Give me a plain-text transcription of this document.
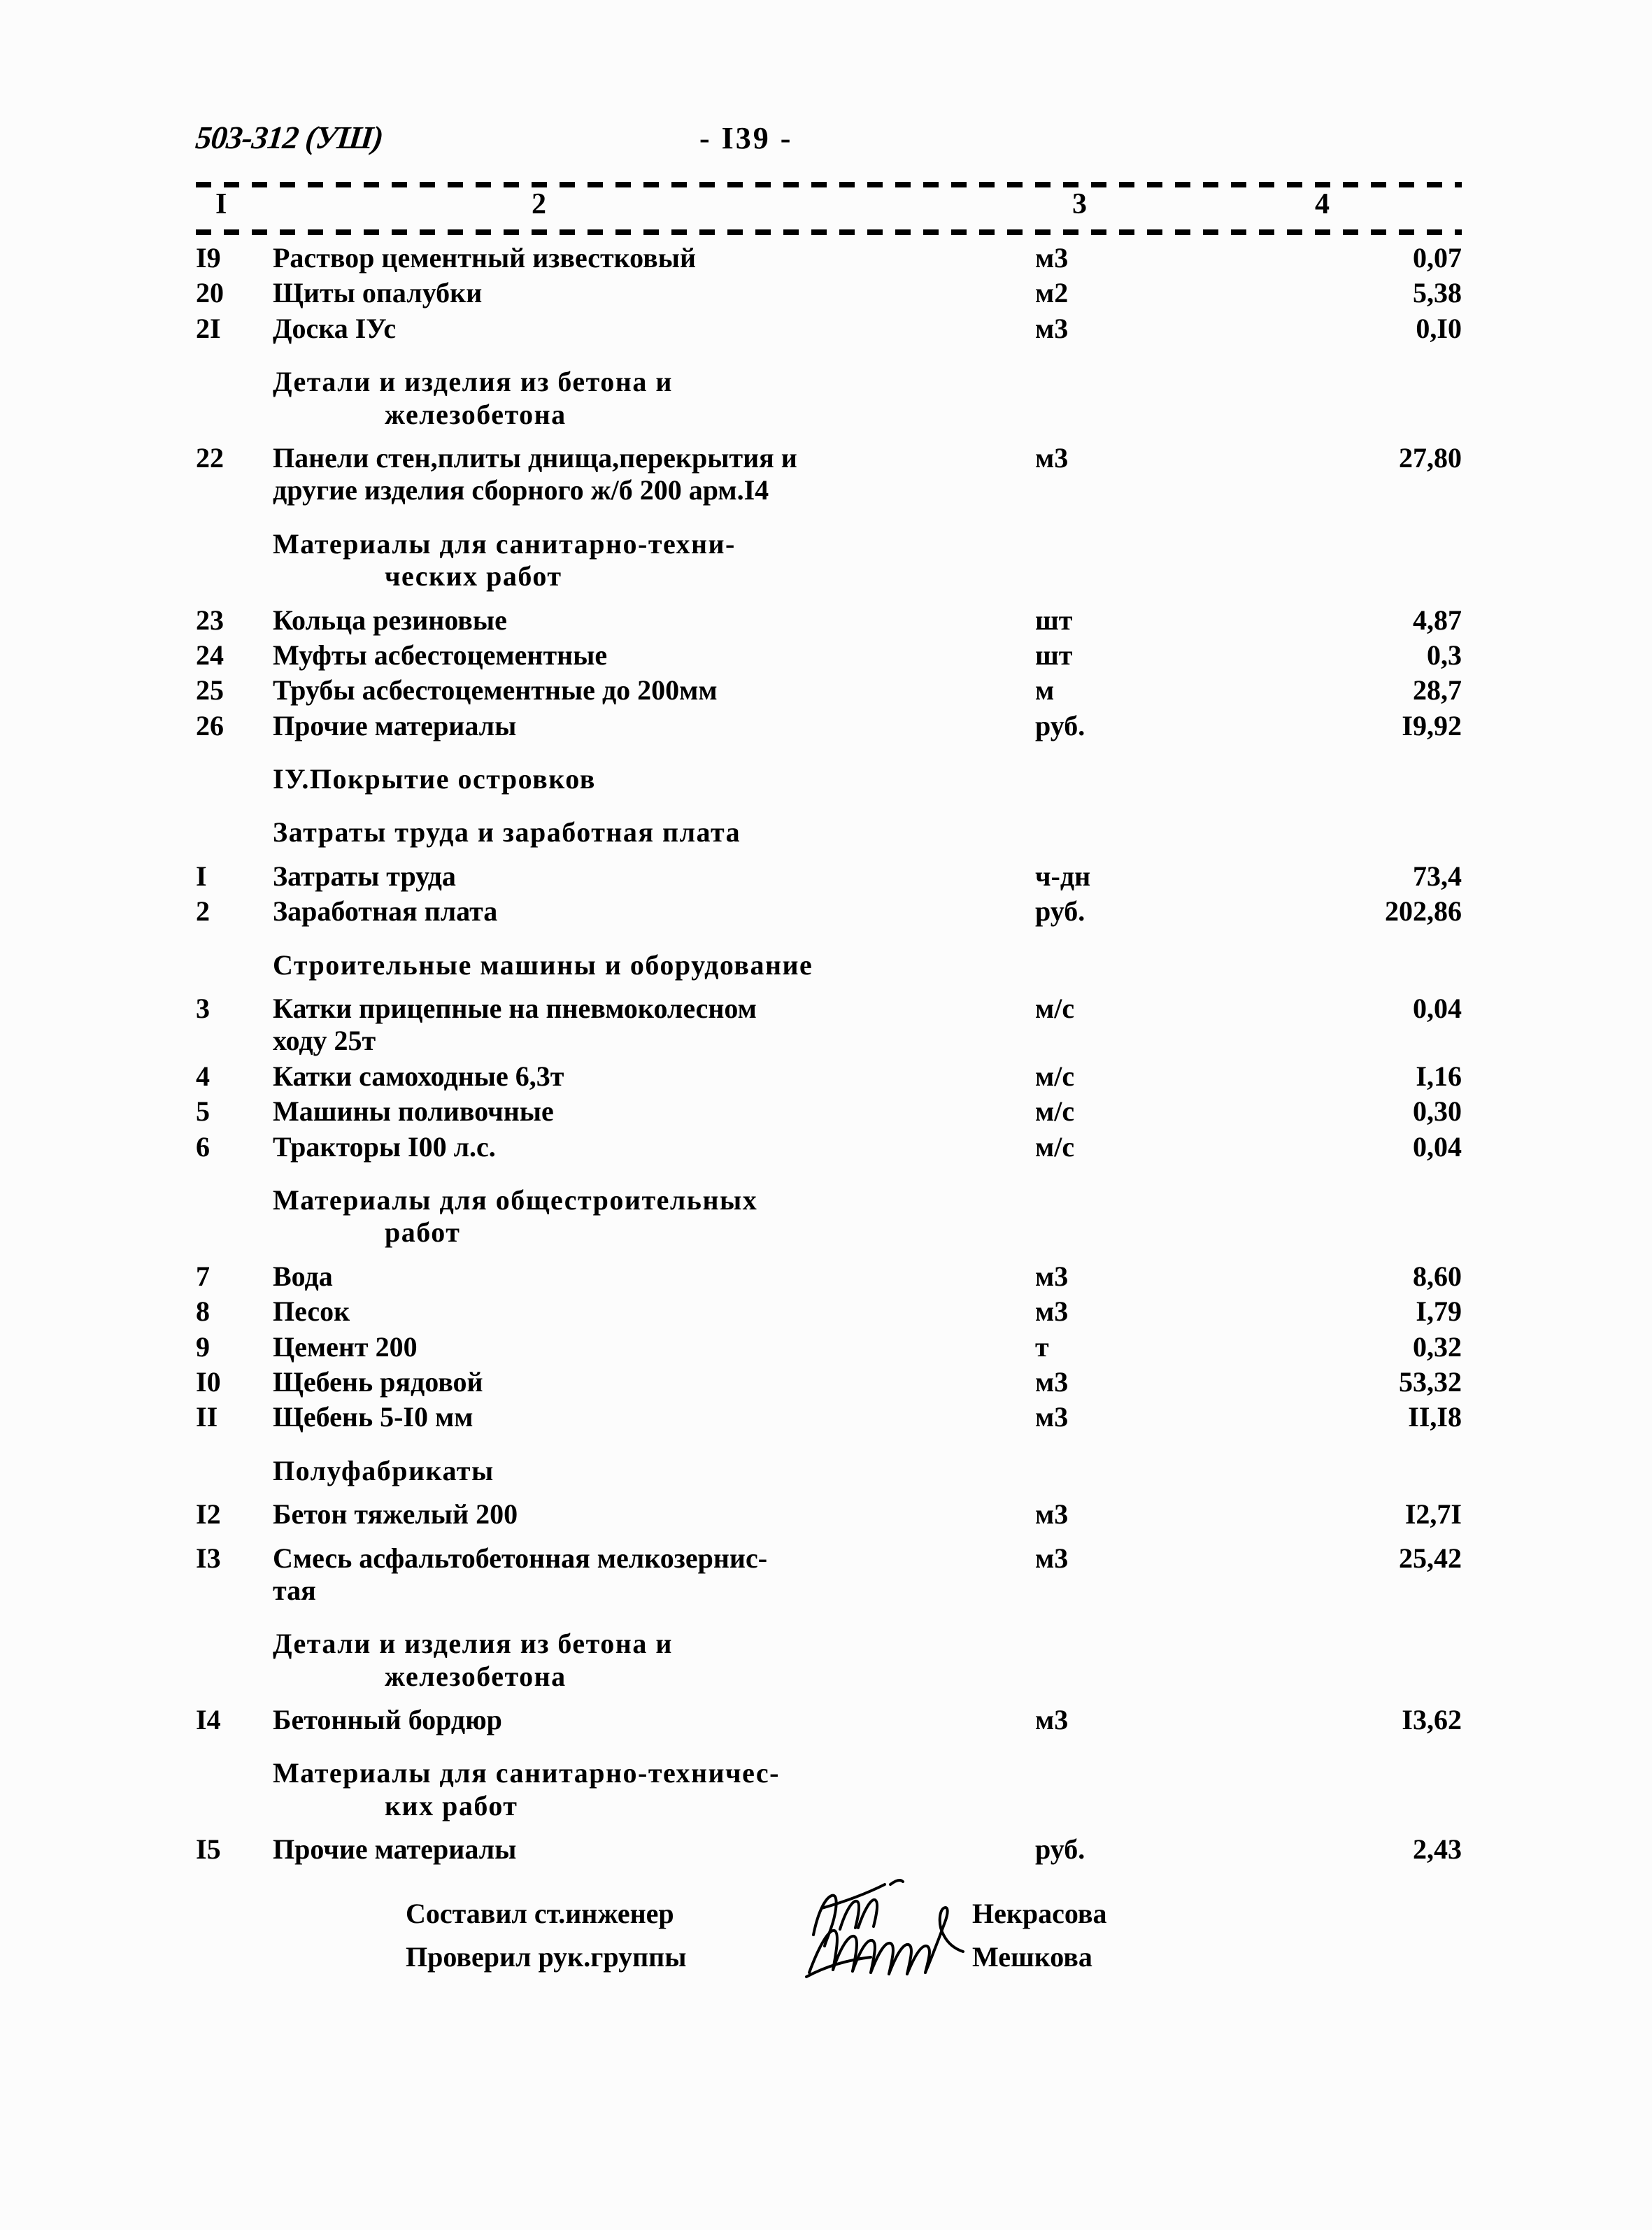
503-312 (УШ)	- I39 -
I	2	3	4
I9	Раствор цементный известковый	м3	0,07
20	Щиты опалубки	м2	5,38
2I	Доска IУс	м3	0,I0
	Детали и изделия из бетона и
железобетона		

22	Панели стен,плиты днища,перекрытия и
другие изделия сборного ж/б 200 арм.I4	м3	27,80
	Материалы для санитарно-техни-
ческих работ		

23	Кольца резиновые	шт	4,87
24	Муфты асбестоцементные	шт	0,3
25	Трубы асбестоцементные до 200мм	м	28,7
26	Прочие материалы	руб.	I9,92
	IУ.Покрытие островков		
	Затраты труда и заработная плата		
I	Затраты труда	ч-дн	73,4
2	Заработная плата	руб.	202,86
	Строительные машины и оборудование		
3	Катки прицепные на пневмоколесном
ходу 25т	м/с	0,04
4	Катки самоходные 6,3т	м/с	I,16
5	Машины поливочные	м/с	0,30
6	Тракторы I00 л.с.	м/с	0,04
	Материалы для общестроительных
работ		

7	Вода	м3	8,60
8	Песок	м3	I,79
9	Цемент 200	т	0,32
I0	Щебень рядовой	м3	53,32
II	Щебень 5-I0 мм	м3	II,I8
	Полуфабрикаты		
I2	Бетон тяжелый 200	м3	I2,7I
I3	Смесь асфальтобетонная мелкозернис-
тая	м3	25,42
	Детали и изделия из бетона и
железобетона		

I4	Бетонный бордюр	м3	I3,62
	Материалы для санитарно-техничес-
ких работ		

I5	Прочие материалы	руб.	2,43
Составил ст.инженер
Проверил рук.группы
Некрасова
Мешкова
